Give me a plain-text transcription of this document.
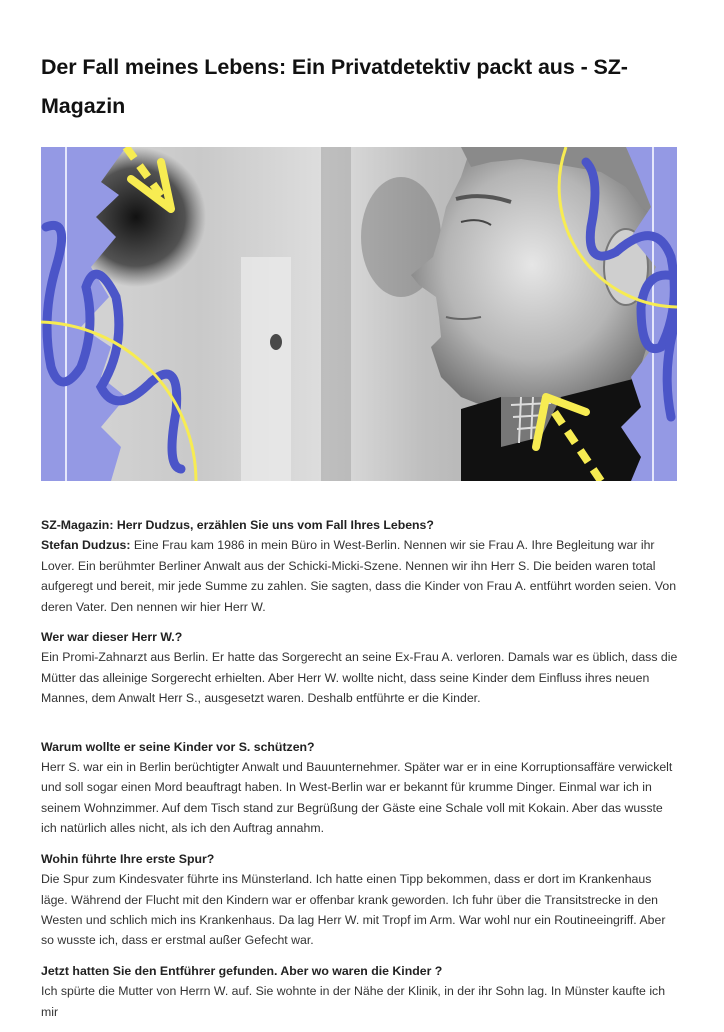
Der Fall meines Lebens: Ein Privatdetektiv packt aus - SZ-Magazin
SZ-Magazin: Herr Dudzus, erzählen Sie uns vom Fall Ihres Lebens?
Stefan Dudzus: Eine Frau kam 1986 in mein Büro in West-Berlin. Nennen wir sie Frau A. Ihre Begleitung war ihr Lover. Ein berühmter Berliner Anwalt aus der Schicki-Micki-Szene. Nennen wir ihn Herr S. Die beiden waren total aufgeregt und bereit, mir jede Summe zu zahlen. Sie sagten, dass die Kinder von Frau A. entführt worden seien. Von deren Vater. Den nennen wir hier Herr W.
Wer war dieser Herr W.?
Ein Promi-Zahnarzt aus Berlin. Er hatte das Sorgerecht an seine Ex-Frau A. verloren. Damals war es üblich, dass die Mütter das alleinige Sorgerecht erhielten. Aber Herr W. wollte nicht, dass seine Kinder dem Einfluss ihres neuen Mannes, dem Anwalt Herr S., ausgesetzt waren. Deshalb entführte er die Kinder.
Warum wollte er seine Kinder vor S. schützen?
Herr S. war ein in Berlin berüchtigter Anwalt und Bauunternehmer. Später war er in eine Korruptionsaffäre verwickelt und soll sogar einen Mord beauftragt haben. In West-Berlin war er bekannt für krumme Dinger. Einmal war ich in seinem Wohnzimmer. Auf dem Tisch stand zur Begrüßung der Gäste eine Schale voll mit Kokain. Aber das wusste ich natürlich alles nicht, als ich den Auftrag annahm.
Wohin führte Ihre erste Spur?
Die Spur zum Kindesvater führte ins Münsterland. Ich hatte einen Tipp bekommen, dass er dort im Krankenhaus läge. Während der Flucht mit den Kindern war er offenbar krank geworden. Ich fuhr über die Transitstrecke in den Westen und schlich mich ins Krankenhaus. Da lag Herr W. mit Tropf im Arm. War wohl nur ein Routineeingriff. Aber so wusste ich, dass er erstmal außer Gefecht war.
Jetzt hatten Sie den Entführer gefunden. Aber wo waren die Kinder ?
Ich spürte die Mutter von Herrn W. auf. Sie wohnte in der Nähe der Klinik, in der ihr Sohn lag. In Münster kaufte ich mir
